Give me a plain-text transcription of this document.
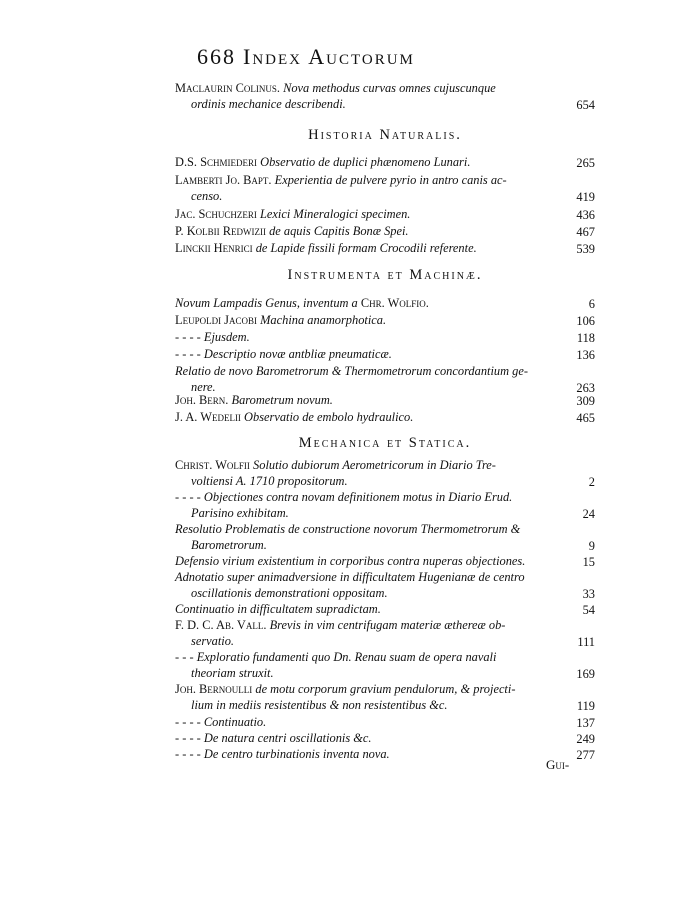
668 Index Auctorum
Maclaurin Colinus. Nova methodus curvas omnes cujuscunque
ordinis mechanice describendi.	654
Historia Naturalis.
D.S. Schmiederi Observatio de duplici phænomeno Lunari.	265
Lamberti Jo. Bapt. Experientia de pulvere pyrio in antro canis ac-
censo.	419
Jac. Schuchzeri Lexici Mineralogici specimen.	436
P. Kolbii Redwizii de aquis Capitis Bonæ Spei.	467
Linckii Henrici de Lapide fissili formam Crocodili referente.	539
Instrumenta et Machinæ.
Novum Lampadis Genus, inventum a Chr. Wolfio.	6
Leupoldi Jacobi Machina anamorphotica.	106
- - - - Ejusdem.	118
- - - - Descriptio novæ antbliæ pneumaticæ.	136
Relatio de novo Barometrorum & Thermometrorum concordantium ge-
nere.	263
Joh. Bern. Barometrum novum.	309
J. A. Wedelii Observatio de embolo hydraulico.	465
Mechanica et Statica.
Christ. Wolfii Solutio dubiorum Aerometricorum in Diario Tre-
voltiensi A. 1710 propositorum.	2
- - - - Objectiones contra novam definitionem motus in Diario Erud.
Parisino exhibitam.	24
Resolutio Problematis de constructione novorum Thermometrorum &
Barometrorum.	9
Defensio virium existentium in corporibus contra nuperas objectiones.	15
Adnotatio super animadversione in difficultatem Hugenianæ de centro
oscillationis demonstrationi oppositam.	33
Continuatio in difficultatem supradictam.	54
F. D. C. Ab. Vall. Brevis in vim centrifugam materiæ æthereæ ob-
servatio.	111
- - - Exploratio fundamenti quo Dn. Renau suam de opera navali
theoriam struxit.	169
Joh. Bernoulli de motu corporum gravium pendulorum, & projecti-
lium in mediis resistentibus & non resistentibus &c.	119
- - - - Continuatio.	137
- - - - De natura centri oscillationis &c.	249
- - - - De centro turbinationis inventa nova.	277
Gui-
